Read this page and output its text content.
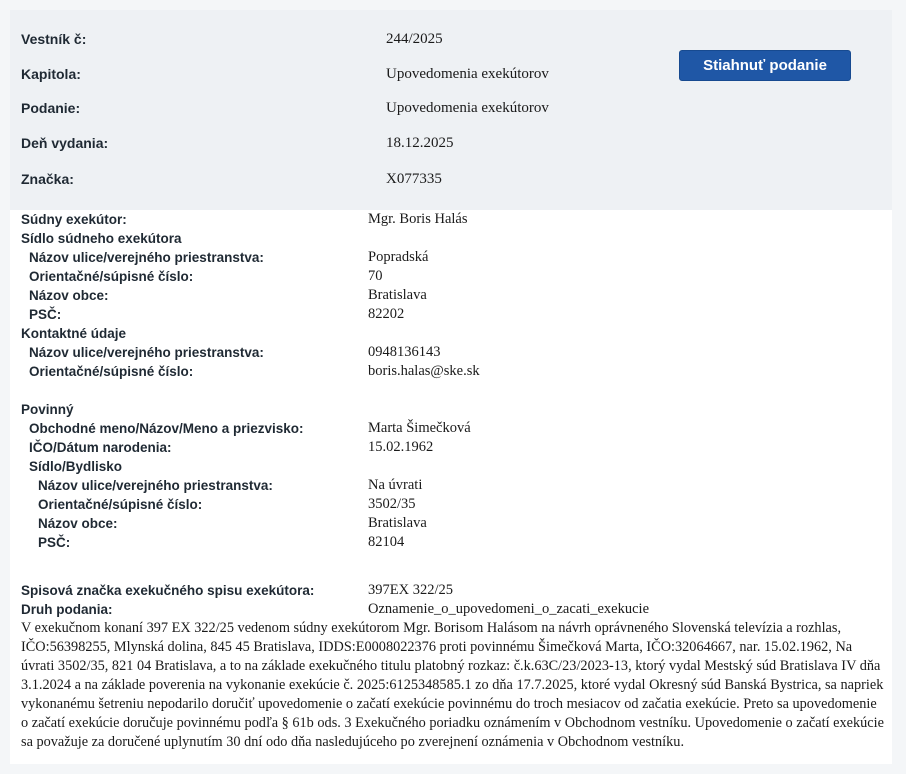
Vestník č:	244/2025
Kapitola:	Upovedomenia exekútorov
Podanie:	Upovedomenia exekútorov
Deň vydania:	18.12.2025
Značka:	X077335
Stiahnuť podanie
Súdny exekútor:	Mgr. Boris Halás
Sídlo súdneho exekútora
Názov ulice/verejného priestranstva:	Popradská
Orientačné/súpisné číslo:	70
Názov obce:	Bratislava
PSČ:	82202
Kontaktné údaje
Názov ulice/verejného priestranstva:	0948136143
Orientačné/súpisné číslo:	boris.halas@ske.sk
Povinný
Obchodné meno/Názov/Meno a priezvisko:	Marta Šimečková
IČO/Dátum narodenia:	15.02.1962
Sídlo/Bydlisko
Názov ulice/verejného priestranstva:	Na úvrati
Orientačné/súpisné číslo:	3502/35
Názov obce:	Bratislava
PSČ:	82104
Spisová značka exekučného spisu exekútora:	397EX 322/25
Druh podania:	Oznamenie_o_upovedomeni_o_zacati_exekucie
V exekučnom konaní 397 EX 322/25 vedenom súdny exekútorom Mgr. Borisom Halásom na návrh oprávneného Slovenská televízia a rozhlas, IČO:56398255, Mlynská dolina, 845 45 Bratislava, IDDS:E0008022376 proti povinnému Šimečková Marta, IČO:32064667, nar. 15.02.1962, Na úvrati 3502/35, 821 04 Bratislava, a to na základe exekučného titulu platobný rozkaz: č.k.63C/23/2023-13, ktorý vydal Mestský súd Bratislava IV dňa 3.1.2024 a na základe poverenia na vykonanie exekúcie č. 2025:6125348585.1 zo dňa 17.7.2025, ktoré vydal Okresný súd Banská Bystrica, sa napriek vykonanému šetreniu nepodarilo doručiť upovedomenie o začatí exekúcie povinnému do troch mesiacov od začatia exekúcie. Preto sa upovedomenie o začatí exekúcie doručuje povinnému podľa § 61b ods. 3 Exekučného poriadku oznámením v Obchodnom vestníku. Upovedomenie o začatí exekúcie sa považuje za doručené uplynutím 30 dní odo dňa nasledujúceho po zverejnení oznámenia v Obchodnom vestníku.
